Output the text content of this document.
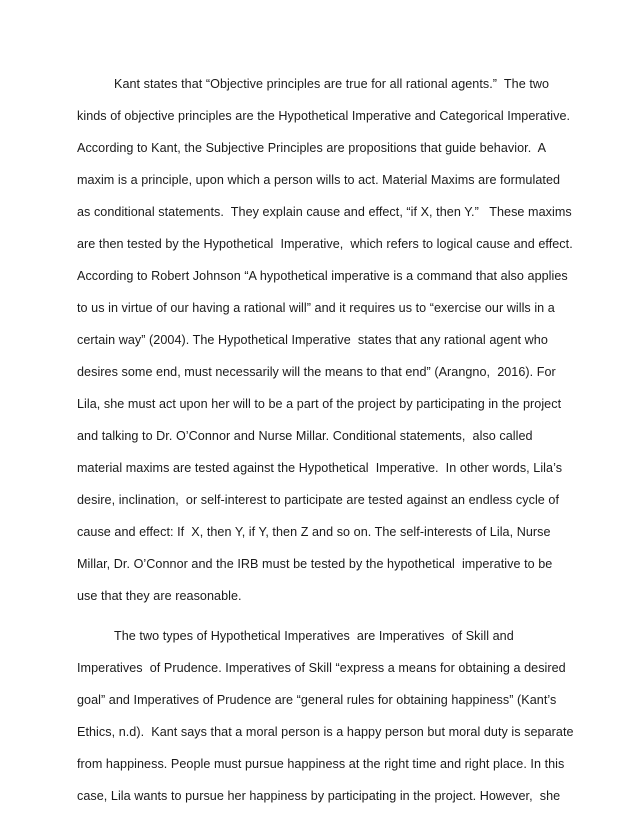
Kant states that “Objective principles are true for all rational agents.”  The two

kinds of objective principles are the Hypothetical Imperative and Categorical Imperative.

According to Kant, the Subjective Principles are propositions that guide behavior.  A

maxim is a principle, upon which a person wills to act. Material Maxims are formulated

as conditional statements.  They explain cause and effect, “if X, then Y.”   These maxims

are then tested by the Hypothetical  Imperative,  which refers to logical cause and effect.

According to Robert Johnson “A hypothetical imperative is a command that also applies

to us in virtue of our having a rational will” and it requires us to “exercise our wills in a

certain way” (2004). The Hypothetical Imperative  states that any rational agent who

desires some end, must necessarily will the means to that end” (Arangno,  2016). For

Lila, she must act upon her will to be a part of the project by participating in the project

and talking to Dr. O’Connor and Nurse Millar. Conditional statements,  also called

material maxims are tested against the Hypothetical  Imperative.  In other words, Lila’s

desire, inclination,  or self-interest to participate are tested against an endless cycle of

cause and effect: If  X, then Y, if Y, then Z and so on. The self-interests of Lila, Nurse

Millar, Dr. O’Connor and the IRB must be tested by the hypothetical  imperative to be

use that they are reasonable.

The two types of Hypothetical Imperatives  are Imperatives  of Skill and

Imperatives  of Prudence. Imperatives of Skill “express a means for obtaining a desired

goal” and Imperatives of Prudence are “general rules for obtaining happiness” (Kant’s

Ethics, n.d).  Kant says that a moral person is a happy person but moral duty is separate

from happiness. People must pursue happiness at the right time and right place. In this

case, Lila wants to pursue her happiness by participating in the project. However,  she
